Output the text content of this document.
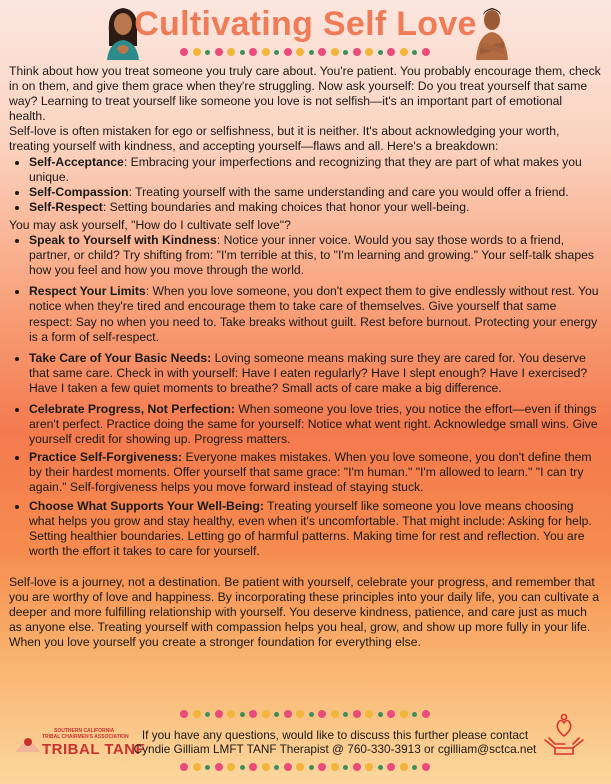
Cultivating Self Love

Think about how you treat someone you truly care about. You're patient. You probably encourage them, check in on them, and give them grace when they're struggling. Now ask yourself: Do you treat yourself that same way? Learning to treat yourself like someone you love is not selfish—it's an important part of emotional health.

Self-love is often mistaken for ego or selfishness, but it is neither. It's about acknowledging your worth, treating yourself with kindness, and accepting yourself—flaws and all. Here's a breakdown:

• Self-Acceptance: Embracing your imperfections and recognizing that they are part of what makes you unique.
• Self-Compassion: Treating yourself with the same understanding and care you would offer a friend.
• Self-Respect: Setting boundaries and making choices that honor your well-being.

You may ask yourself, "How do I cultivate self love"?

• Speak to Yourself with Kindness: Notice your inner voice. Would you say those words to a friend, partner, or child? Try shifting from: "I'm terrible at this, to "I'm learning and growing." Your self-talk shapes how you feel and how you move through the world.
• Respect Your Limits: When you love someone, you don't expect them to give endlessly without rest. You notice when they're tired and encourage them to take care of themselves. Give yourself that same respect: Say no when you need to. Take breaks without guilt. Rest before burnout. Protecting your energy is a form of self-respect.
• Take Care of Your Basic Needs: Loving someone means making sure they are cared for. You deserve that same care. Check in with yourself: Have I eaten regularly? Have I slept enough? Have I exercised? Have I taken a few quiet moments to breathe? Small acts of care make a big difference.
• Celebrate Progress, Not Perfection: When someone you love tries, you notice the effort—even if things aren't perfect. Practice doing the same for yourself: Notice what went right. Acknowledge small wins. Give yourself credit for showing up. Progress matters.
• Practice Self-Forgiveness: Everyone makes mistakes. When you love someone, you don't define them by their hardest moments. Offer yourself that same grace: "I'm human." "I'm allowed to learn." "I can try again." Self-forgiveness helps you move forward instead of staying stuck.
• Choose What Supports Your Well-Being: Treating yourself like someone you love means choosing what helps you grow and stay healthy, even when it's uncomfortable. That might include: Asking for help. Setting healthier boundaries. Letting go of harmful patterns. Making time for rest and reflection. You are worth the effort it takes to care for yourself.

Self-love is a journey, not a destination. Be patient with yourself, celebrate your progress, and remember that you are worthy of love and happiness. By incorporating these principles into your daily life, you can cultivate a deeper and more fulfilling relationship with yourself. You deserve kindness, patience, and care just as much as anyone else. Treating yourself with compassion helps you heal, grow, and show up more fully in your life. When you love yourself you create a stronger foundation for everything else.

SOUTHERN CALIFORNIA
TRIBAL CHAIRMEN'S ASSOCIATION
TRIBAL TANF
If you have any questions, would like to discuss this further please contact
Cyndie Gilliam LMFT TANF Therapist @ 760-330-3913 or cgilliam@sctca.net
